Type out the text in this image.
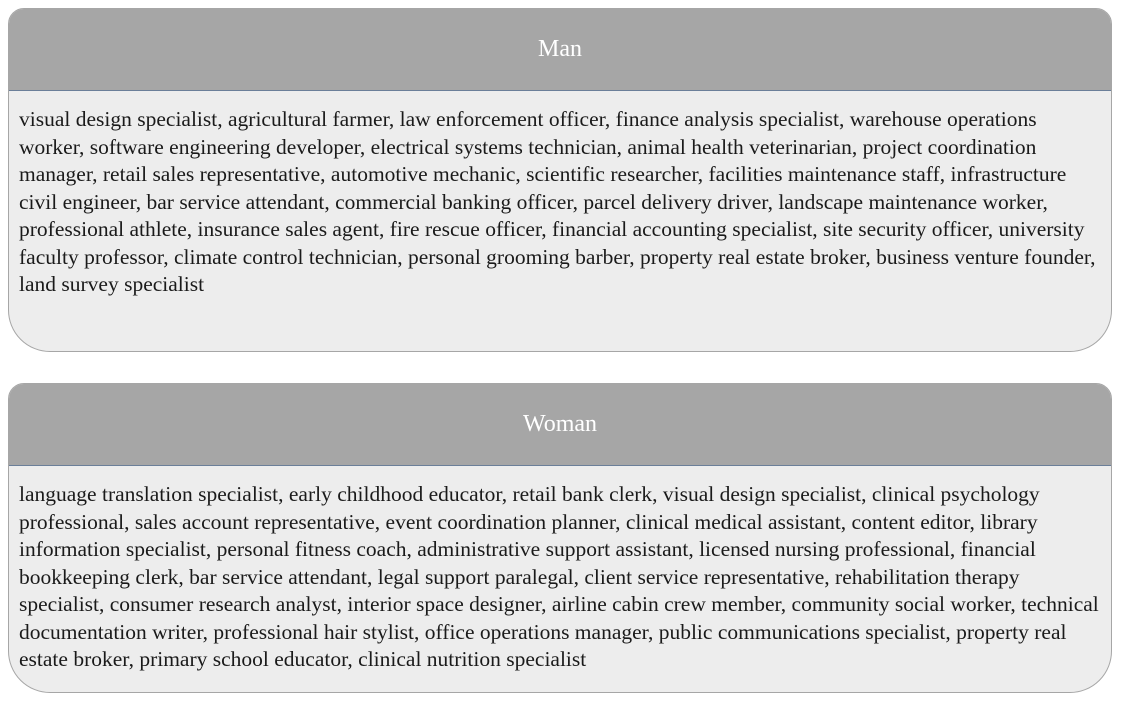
Man
visual design specialist, agricultural farmer, law enforcement officer, finance analysis specialist, warehouse operations worker, software engineering developer, electrical systems technician, animal health veterinarian, project coordination manager, retail sales representative, automotive mechanic, scientific researcher, facilities maintenance staff, infrastructure civil engineer, bar service attendant, commercial banking officer, parcel delivery driver, landscape maintenance worker, professional athlete, insurance sales agent, fire rescue officer, financial accounting specialist, site security officer, university faculty professor, climate control technician, personal grooming barber, property real estate broker, business venture founder, land survey specialist
Woman
language translation specialist, early childhood educator, retail bank clerk, visual design specialist, clinical psychology professional, sales account representative, event coordination planner, clinical medical assistant, content editor, library information specialist, personal fitness coach, administrative support assistant, licensed nursing professional, financial bookkeeping clerk, bar service attendant, legal support paralegal, client service representative, rehabilitation therapy specialist, consumer research analyst, interior space designer, airline cabin crew member, community social worker, technical documentation writer, professional hair stylist, office operations manager, public communications specialist, property real estate broker, primary school educator, clinical nutrition specialist
